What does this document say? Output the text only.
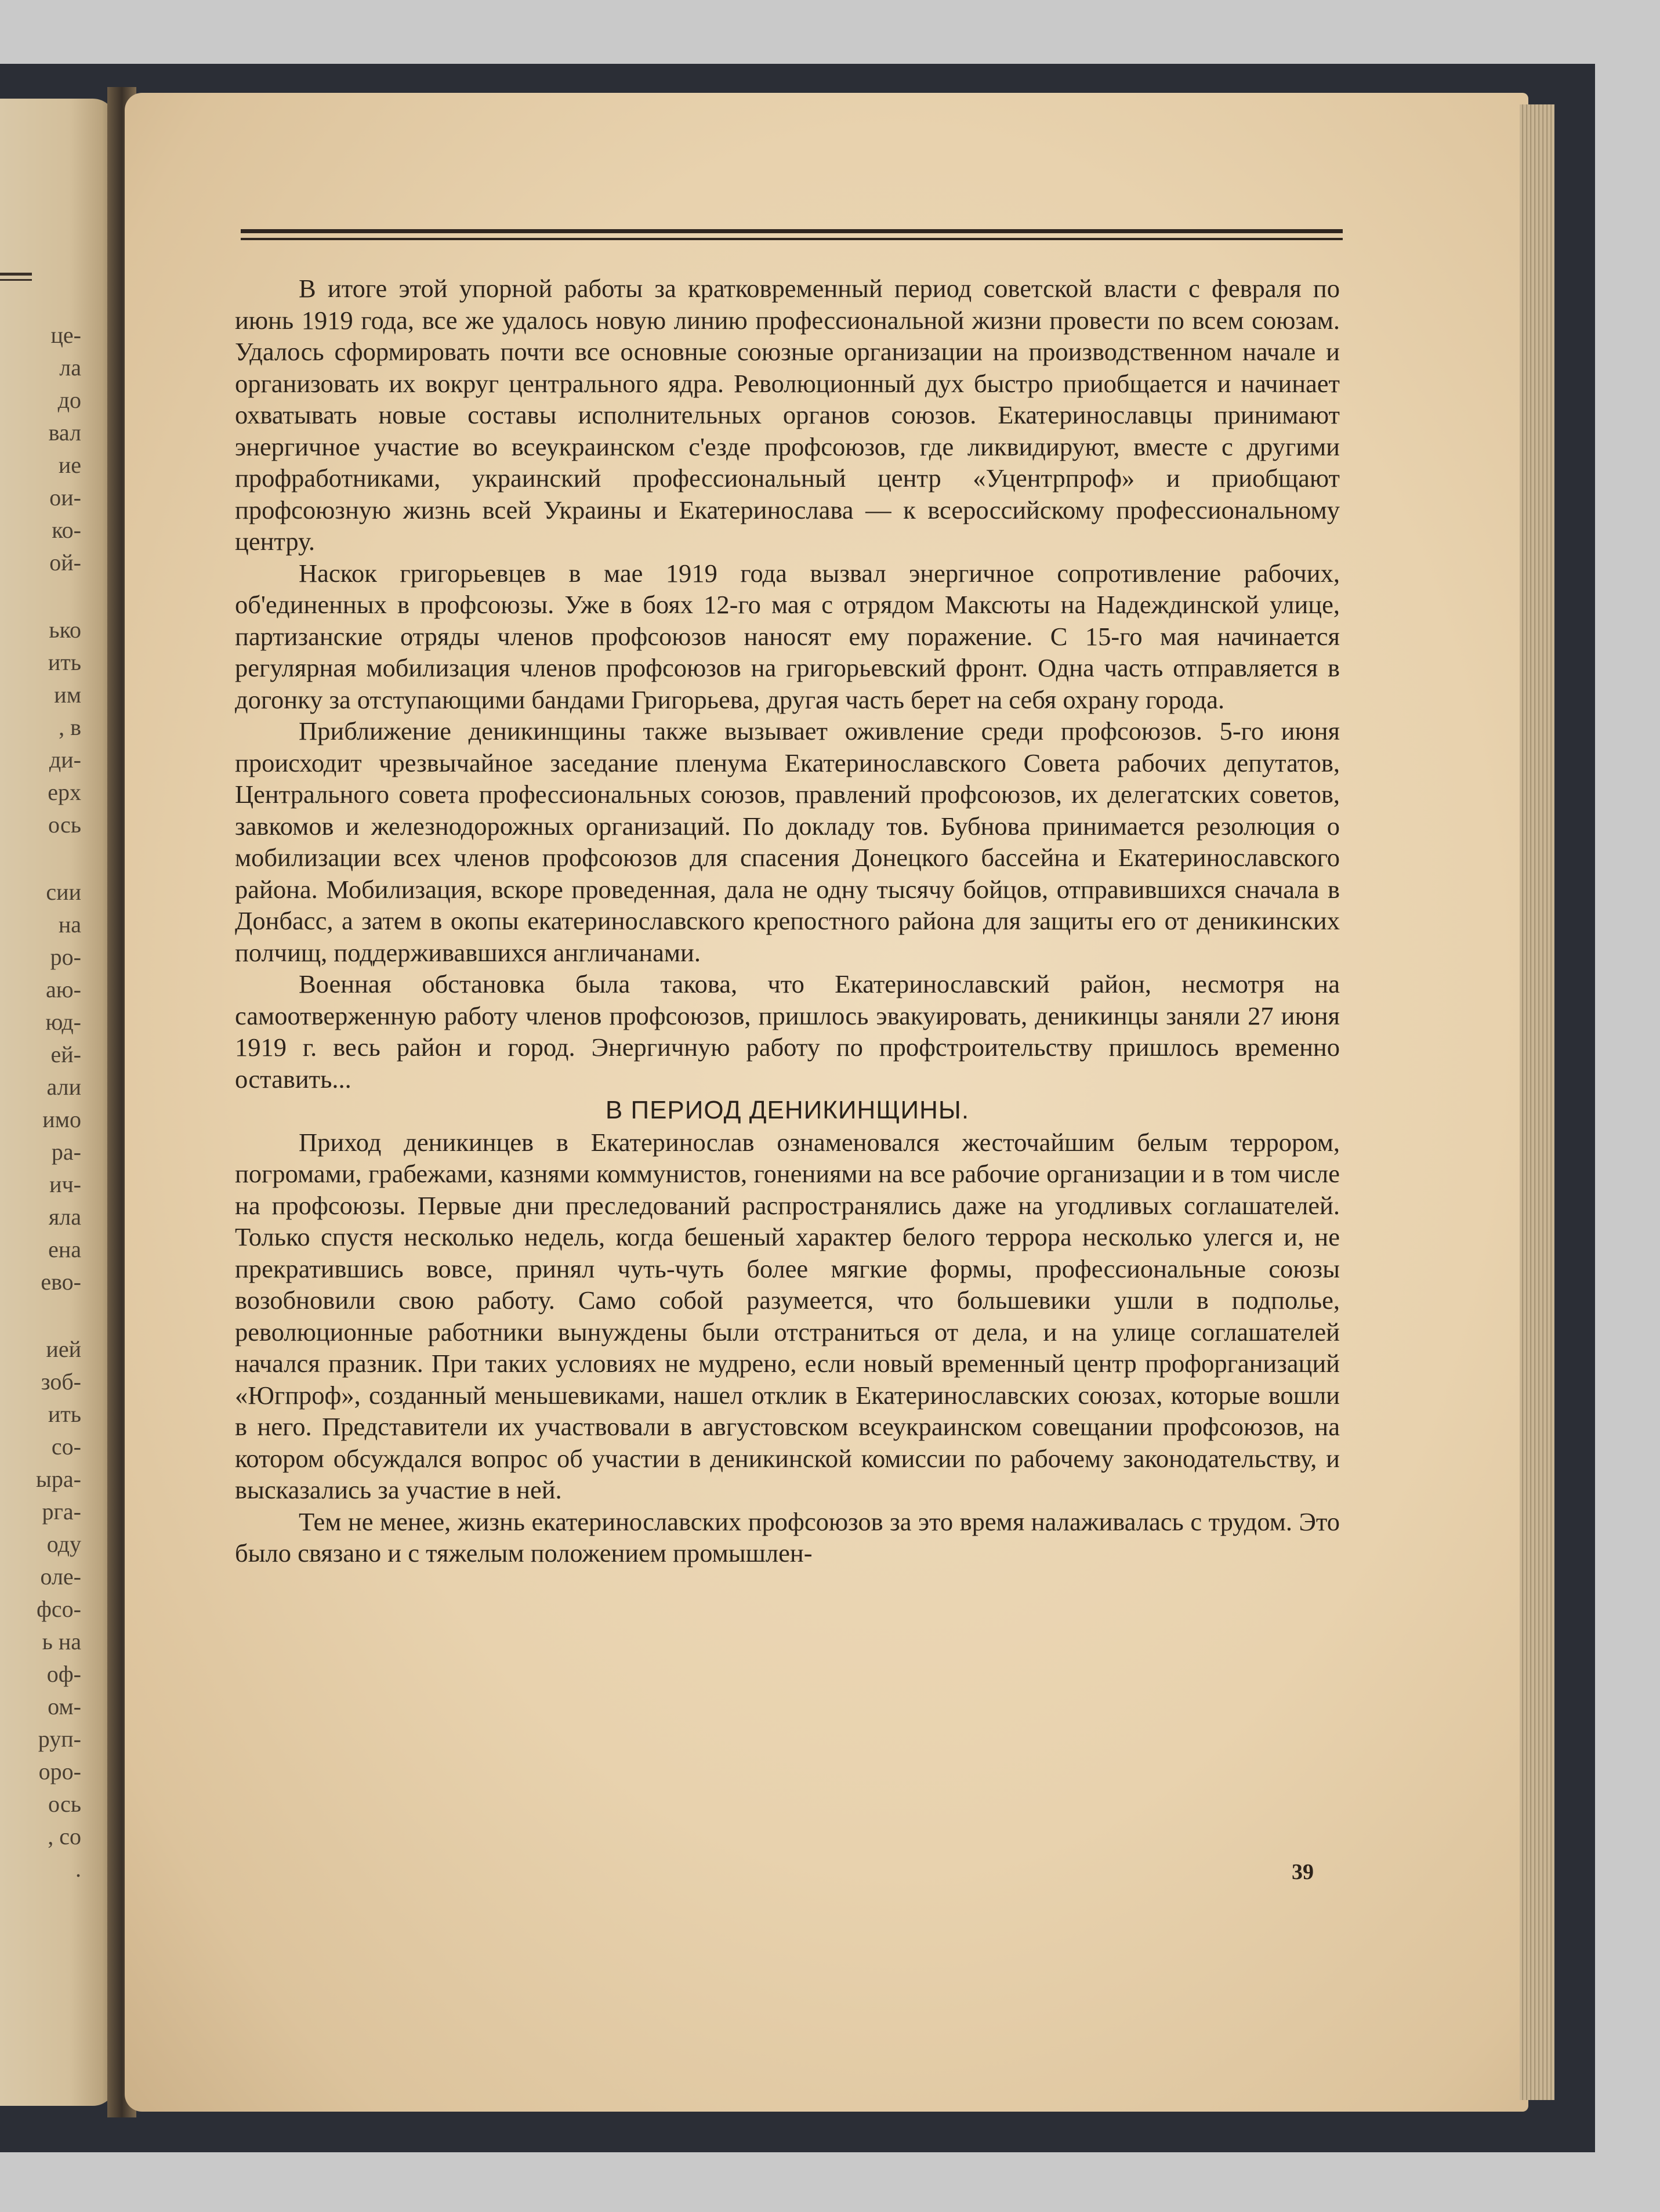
це-
ла
до
вал
ие
ои-
ко-
ой-
ько
ить
им
, в
ди-
ерх
ось
сии
на
ро-
аю-
юд-
ей-
али
имо
ра-
ич-
яла
ена
ево-
ией
зоб-
ить
со-
ыра-
рга-
оду
оле-
фсо-
ь на
оф-
ом-
руп-
оро-
ось
, со
.

В итоге этой упорной работы за кратковременный период советской власти с февраля по июнь 1919 года, все же удалось новую линию профессиональной жизни провести по всем союзам. Удалось сформировать почти все основные союзные организации на производственном начале и организовать их вокруг центрального ядра. Революционный дух быстро приобщается и начинает охватывать новые составы исполнительных органов союзов. Екатеринославцы принимают энергичное участие во всеукраинском с'езде профсоюзов, где ликвидируют, вместе с другими профработниками, украинский профессиональный центр «Уцентрпроф» и приобщают профсоюзную жизнь всей Украины и Екатеринослава — к всероссийскому профессиональному центру.

Наскок григорьевцев в мае 1919 года вызвал энергичное сопротивление рабочих, об'единенных в профсоюзы. Уже в боях 12-го мая с отрядом Максюты на Надеждинской улице, партизанские отряды членов профсоюзов наносят ему поражение. С 15-го мая начинается регулярная мобилизация членов профсоюзов на григорьевский фронт. Одна часть отправляется в догонку за отступающими бандами Григорьева, другая часть берет на себя охрану города.

Приближение деникинщины также вызывает оживление среди профсоюзов. 5-го июня происходит чрезвычайное заседание пленума Екатеринославского Совета рабочих депутатов, Центрального совета профессиональных союзов, правлений профсоюзов, их делегатских советов, завкомов и железнодорожных организаций. По докладу тов. Бубнова принимается резолюция о мобилизации всех членов профсоюзов для спасения Донецкого бассейна и Екатеринославского района. Мобилизация, вскоре проведенная, дала не одну тысячу бойцов, отправившихся сначала в Донбасс, а затем в окопы екатеринославского крепостного района для защиты его от деникинских полчищ, поддерживавшихся англичанами.

Военная обстановка была такова, что Екатеринославский район, несмотря на самоотверженную работу членов профсоюзов, пришлось эвакуировать, деникинцы заняли 27 июня 1919 г. весь район и город. Энергичную работу по профстроительству пришлось временно оставить...

В ПЕРИОД ДЕНИКИНЩИНЫ.

Приход деникинцев в Екатеринослав ознаменовался жесточайшим белым террором, погромами, грабежами, казнями коммунистов, гонениями на все рабочие организации и в том числе на профсоюзы. Первые дни преследований распространялись даже на угодливых соглашателей. Только спустя несколько недель, когда бешеный характер белого террора несколько улегся и, не прекратившись вовсе, принял чуть-чуть более мягкие формы, профессиональные союзы возобновили свою работу. Само собой разумеется, что большевики ушли в подполье, революционные работники вынуждены были отстраниться от дела, и на улице соглашателей начался празник. При таких условиях не мудрено, если новый временный центр профорганизаций «Югпроф», созданный меньшевиками, нашел отклик в Екатеринославских союзах, которые вошли в него. Представители их участвовали в августовском всеукраинском совещании профсоюзов, на котором обсуждался вопрос об участии в деникинской комиссии по рабочему законодательству, и высказались за участие в ней.

Тем не менее, жизнь екатеринославских профсоюзов за это время налаживалась с трудом. Это было связано и с тяжелым положением промышлен-

39
